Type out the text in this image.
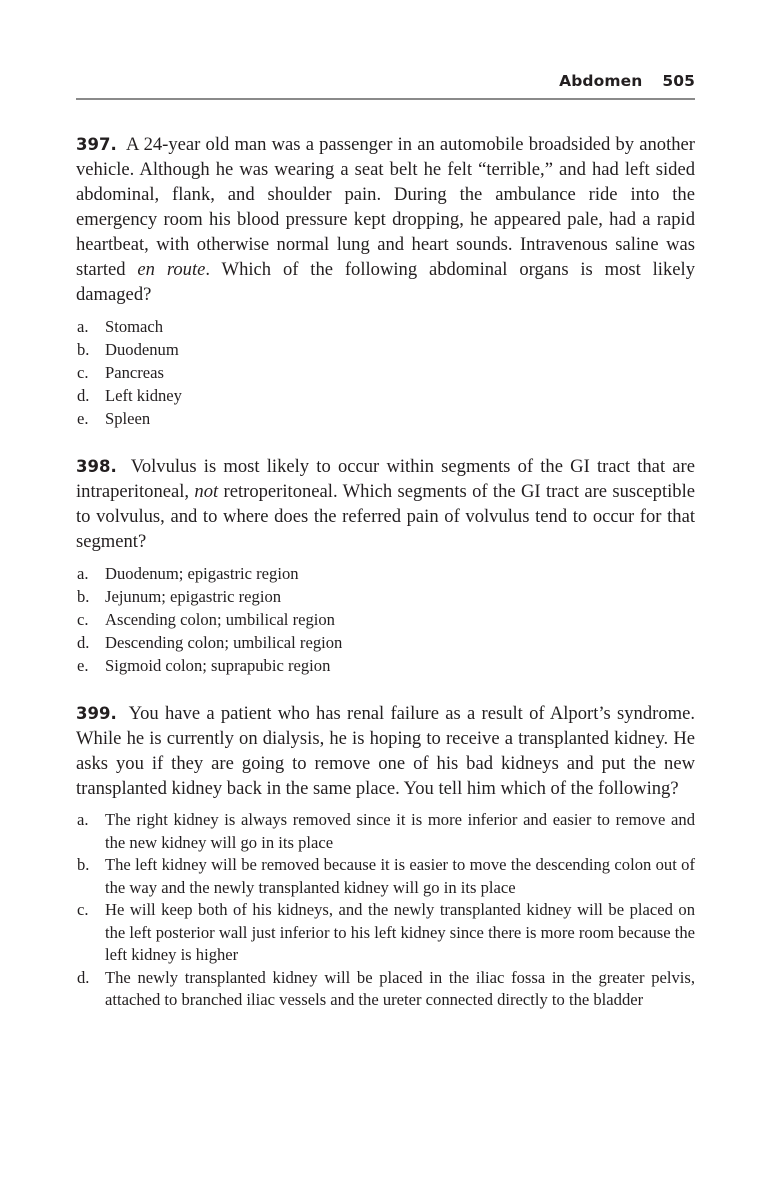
Abdomen 505

397. A 24-year old man was a passenger in an automobile broadsided by another vehicle. Although he was wearing a seat belt he felt “terrible,” and had left sided abdominal, flank, and shoulder pain. During the ambulance ride into the emergency room his blood pressure kept dropping, he appeared pale, had a rapid heartbeat, with otherwise normal lung and heart sounds. Intravenous saline was started en route. Which of the following abdominal organs is most likely damaged?

a. Stomach
b. Duodenum
c. Pancreas
d. Left kidney
e. Spleen

398. Volvulus is most likely to occur within segments of the GI tract that are intraperitoneal, not retroperitoneal. Which segments of the GI tract are susceptible to volvulus, and to where does the referred pain of volvulus tend to occur for that segment?

a. Duodenum; epigastric region
b. Jejunum; epigastric region
c. Ascending colon; umbilical region
d. Descending colon; umbilical region
e. Sigmoid colon; suprapubic region

399. You have a patient who has renal failure as a result of Alport’s syndrome. While he is currently on dialysis, he is hoping to receive a transplanted kidney. He asks you if they are going to remove one of his bad kidneys and put the new transplanted kidney back in the same place. You tell him which of the following?

a. The right kidney is always removed since it is more inferior and easier to remove and the new kidney will go in its place
b. The left kidney will be removed because it is easier to move the descending colon out of the way and the newly transplanted kidney will go in its place
c. He will keep both of his kidneys, and the newly transplanted kidney will be placed on the left posterior wall just inferior to his left kidney since there is more room because the left kidney is higher
d. The newly transplanted kidney will be placed in the iliac fossa in the greater pelvis, attached to branched iliac vessels and the ureter connected directly to the bladder
